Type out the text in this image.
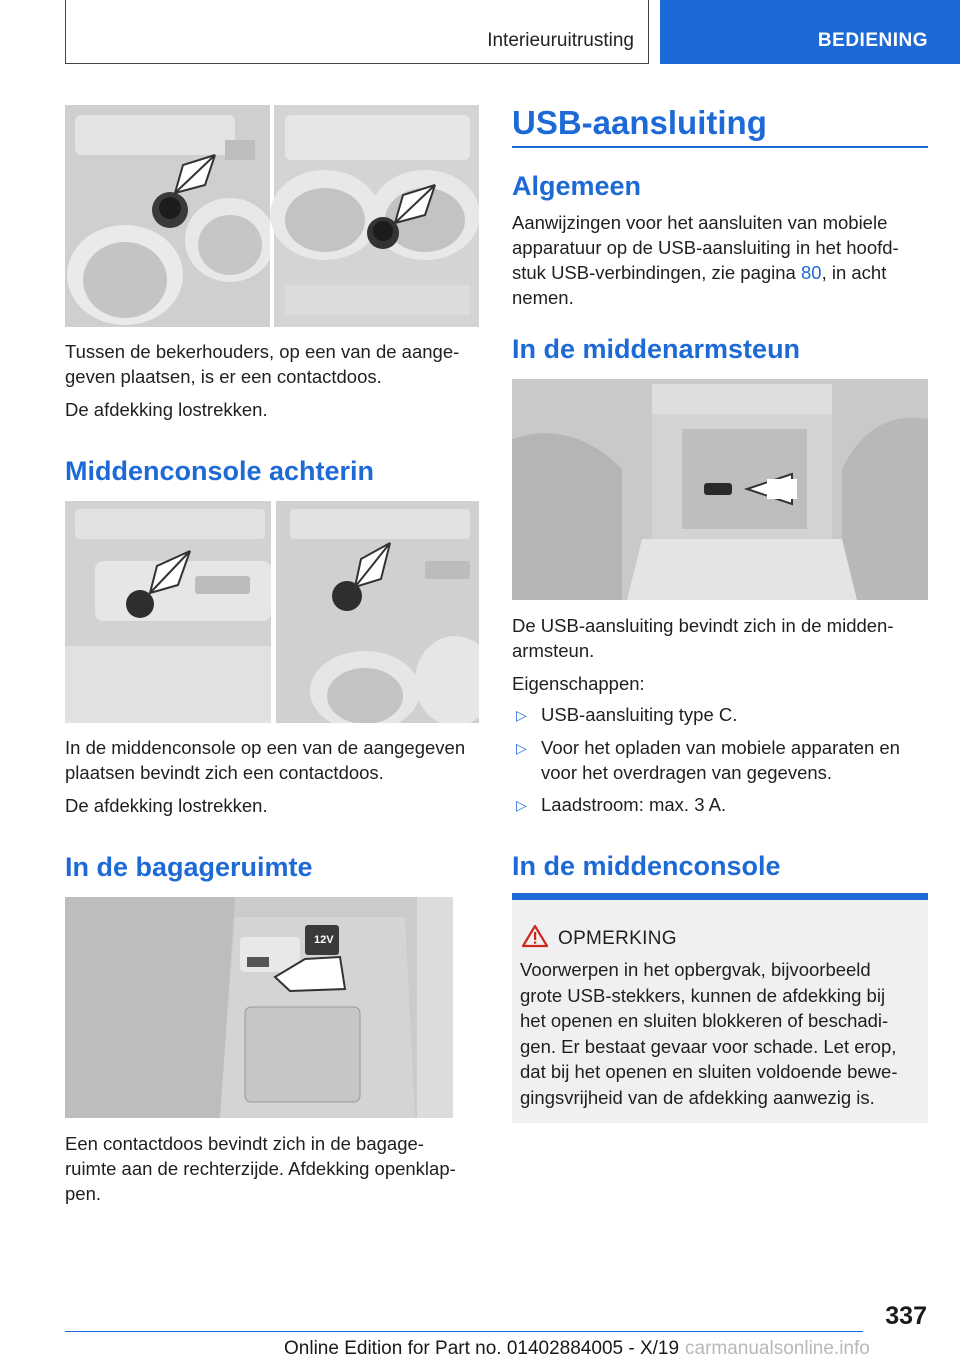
Interieuruitrusting	BEDIENING
Tussen de bekerhouders, op een van de aange‐
geven plaatsen, is er een contactdoos.
De afdekking lostrekken.
Middenconsole achterin
In de middenconsole op een van de aangegeven
plaatsen bevindt zich een contactdoos.
De afdekking lostrekken.
In de bagageruimte
12V
Een contactdoos bevindt zich in de bagage‐
ruimte aan de rechterzijde. Afdekking openklap‐
pen.
USB-aansluiting
Algemeen
Aanwijzingen voor het aansluiten van mobiele
apparatuur op de USB-aansluiting in het hoofd‐
stuk USB-verbindingen, zie pagina 80, in acht
nemen.
In de middenarmsteun
De USB-aansluiting bevindt zich in de midden‐
armsteun.
Eigenschappen:
▷ USB-aansluiting type C.
▷ Voor het opladen van mobiele apparaten en
voor het overdragen van gegevens.
▷ Laadstroom: max. 3 A.
In de middenconsole
OPMERKING
Voorwerpen in het opbergvak, bijvoorbeeld
grote USB-stekkers, kunnen de afdekking bij
het openen en sluiten blokkeren of beschadi‐
gen. Er bestaat gevaar voor schade. Let erop,
dat bij het openen en sluiten voldoende bewe‐
gingsvrijheid van de afdekking aanwezig is.
337
Online Edition for Part no. 01402884005 - X/19 carmanualsonline.info
